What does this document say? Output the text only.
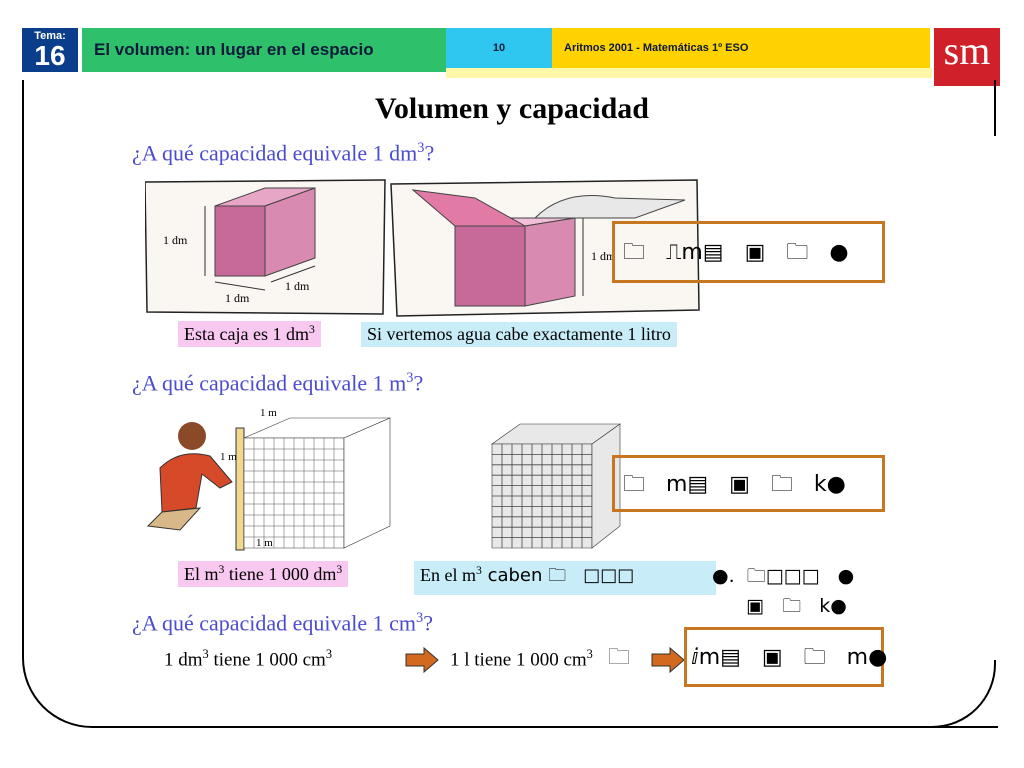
Tema:
16	El volumen: un lugar en el espacio	10	Aritmos 2001 - Matemáticas 1º ESO	sm
Volumen y capacidad
¿A qué capacidad equivale 1 $dm^3$?
1 dm
1 dm
1 dm
1 dm 🗀   ⎍m▤   ▣   🗀   ●
Esta caja es 1 $dm^3$	Si vertemos agua cabe exactamente 1 litro
¿A qué capacidad equivale 1 $m^3$?
1 m
1 m
1 m
🗀   m▤   ▣   🗀   k●
El $m^3$ tiene 1 000 $dm^3$	En el $m^3$ caben 🗀   □□□	●.  🗀□□□   ●
▣   🗀   k●
¿A qué capacidad equivale 1 $cm^3$?
1 $dm^3$ tiene 1 000 $cm^3$	1 l tiene 1 000 $cm^3$ 🗀	ⅈm▤   ▣   🗀   m●
